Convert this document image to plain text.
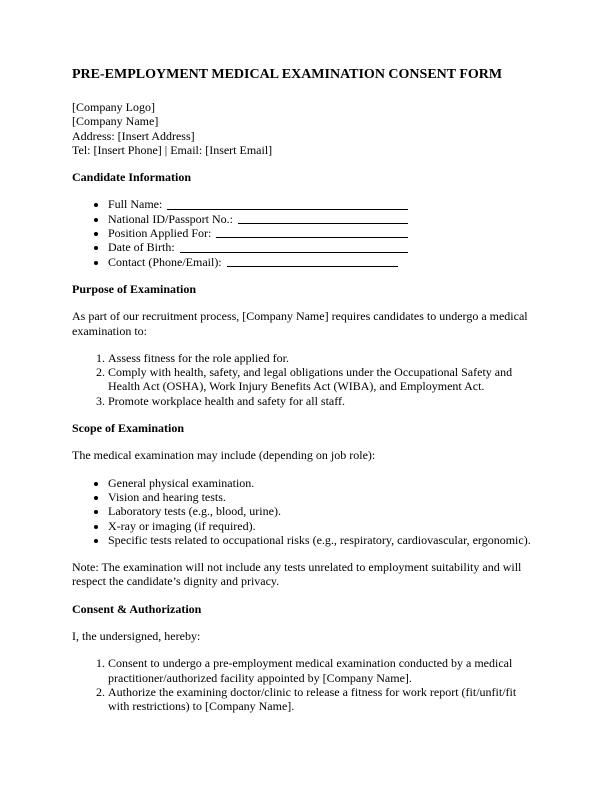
PRE-EMPLOYMENT MEDICAL EXAMINATION CONSENT FORM

[Company Logo]

[Company Name]

Address: [Insert Address]

Tel: [Insert Phone] | Email: [Insert Email]

Candidate Information
• Full Name:
• National ID/Passport No.:
• Position Applied For:
• Date of Birth:
• Contact (Phone/Email):
Purpose of Examination

As part of our recruitment process, [Company Name] requires candidates to undergo a medical examination to:

1. Assess fitness for the role applied for.
2. Comply with health, safety, and legal obligations under the Occupational Safety and Health Act (OSHA), Work Injury Benefits Act (WIBA), and Employment Act.
3. Promote workplace health and safety for all staff.
Scope of Examination

The medical examination may include (depending on job role):

• General physical examination.
• Vision and hearing tests.
• Laboratory tests (e.g., blood, urine).
• X-ray or imaging (if required).
• Specific tests related to occupational risks (e.g., respiratory, cardiovascular, ergonomic).

Note: The examination will not include any tests unrelated to employment suitability and will respect the candidate’s dignity and privacy.

Consent & Authorization

I, the undersigned, hereby:

1. Consent to undergo a pre-employment medical examination conducted by a medical practitioner/authorized facility appointed by [Company Name].
2. Authorize the examining doctor/clinic to release a fitness for work report (fit/unfit/fit with restrictions) to [Company Name].
